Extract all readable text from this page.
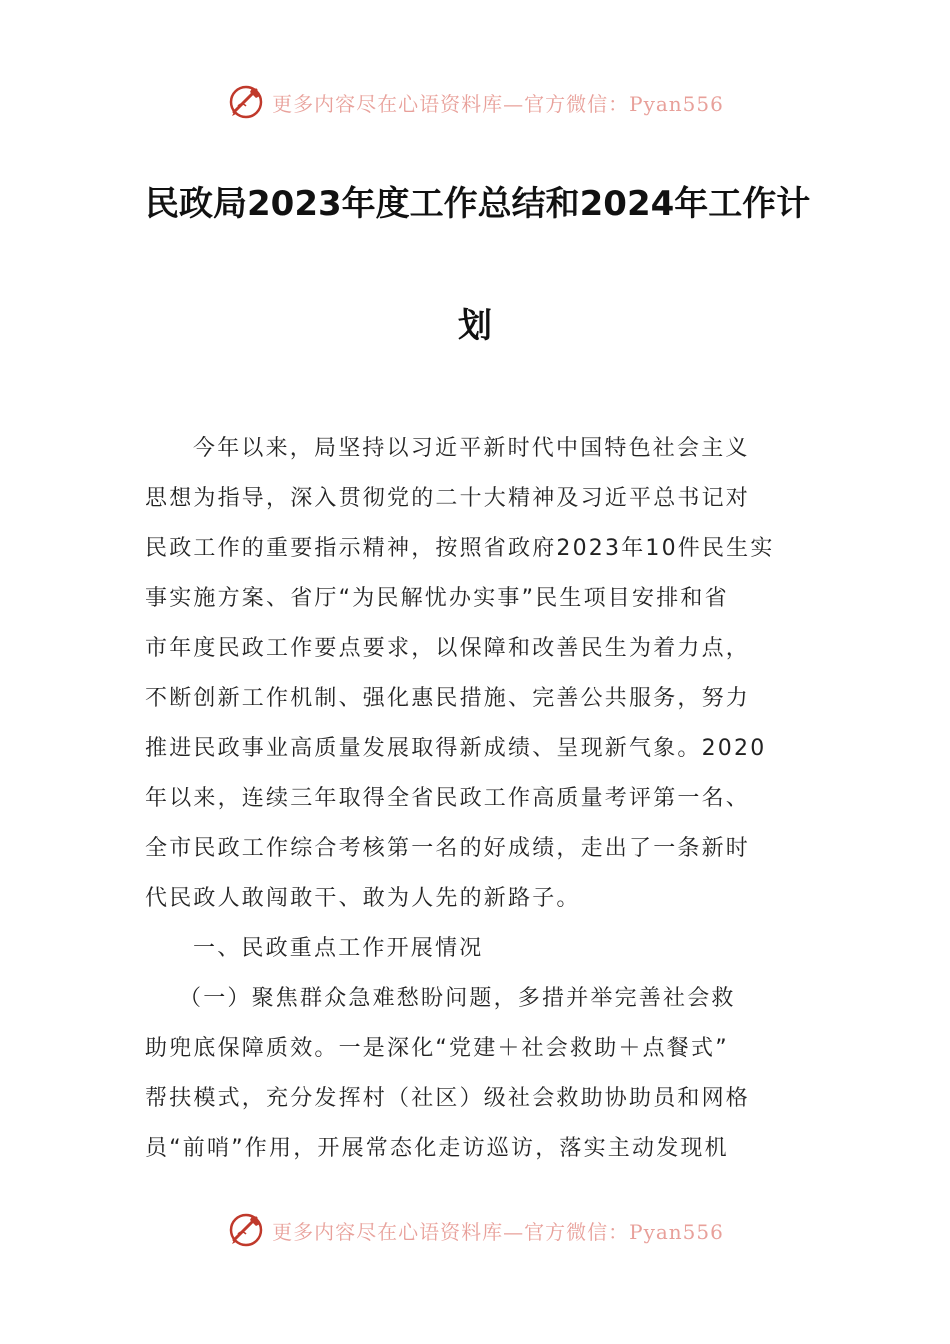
更多内容尽在心语资料库—官方微信：Pyan556
民政局2023年度工作总结和2024年工作计
划
今年以来，局坚持以习近平新时代中国特色社会主义
思想为指导，深入贯彻党的二十大精神及习近平总书记对
民政工作的重要指示精神，按照省政府2023年10件民生实
事实施方案、省厅“为民解忧办实事”民生项目安排和省
市年度民政工作要点要求，以保障和改善民生为着力点，
不断创新工作机制、强化惠民措施、完善公共服务，努力
推进民政事业高质量发展取得新成绩、呈现新气象。2020
年以来，连续三年取得全省民政工作高质量考评第一名、
全市民政工作综合考核第一名的好成绩，走出了一条新时
代民政人敢闯敢干、敢为人先的新路子。
一、民政重点工作开展情况
（一）聚焦群众急难愁盼问题，多措并举完善社会救
助兜底保障质效。一是深化“党建＋社会救助＋点餐式”
帮扶模式，充分发挥村（社区）级社会救助协助员和网格
员“前哨”作用，开展常态化走访巡访，落实主动发现机
更多内容尽在心语资料库—官方微信：Pyan556
